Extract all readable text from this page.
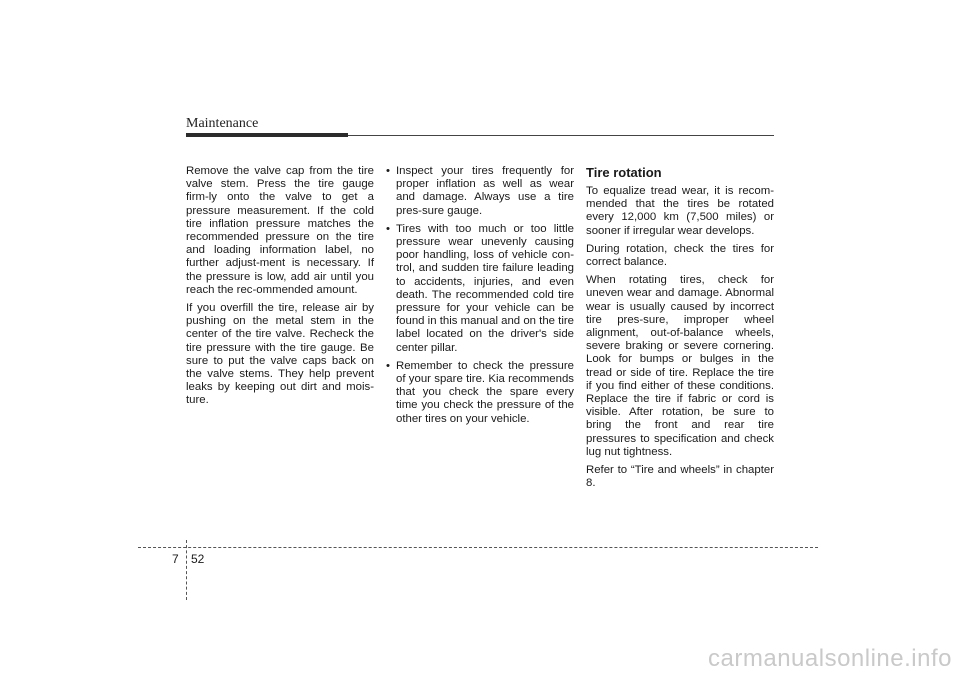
Maintenance

Remove the valve cap from the tire valve stem. Press the tire gauge firm-ly onto the valve to get a pressure measurement. If the cold tire inflation pressure matches the recommended pressure on the tire and loading information label, no further adjust-ment is necessary. If the pressure is low, add air until you reach the rec-ommended amount.

If you overfill the tire, release air by pushing on the metal stem in the center of the tire valve. Recheck the tire pressure with the tire gauge. Be sure to put the valve caps back on the valve stems. They help prevent leaks by keeping out dirt and mois-ture.

• Inspect your tires frequently for proper inflation as well as wear and damage. Always use a tire pres-sure gauge.
• Tires with too much or too little pressure wear unevenly causing poor handling, loss of vehicle con-trol, and sudden tire failure leading to accidents, injuries, and even death. The recommended cold tire pressure for your vehicle can be found in this manual and on the tire label located on the driver's side center pillar.
• Remember to check the pressure of your spare tire. Kia recommends that you check the spare every time you check the pressure of the other tires on your vehicle.
Tire rotation

To equalize tread wear, it is recom-mended that the tires be rotated every 12,000 km (7,500 miles) or sooner if irregular wear develops.

During rotation, check the tires for correct balance.

When rotating tires, check for uneven wear and damage. Abnormal wear is usually caused by incorrect tire pres-sure, improper wheel alignment, out-of-balance wheels, severe braking or severe cornering. Look for bumps or bulges in the tread or side of tire. Replace the tire if you find either of these conditions. Replace the tire if fabric or cord is visible. After rotation, be sure to bring the front and rear tire pressures to specification and check lug nut tightness.

Refer to “Tire and wheels” in chapter 8.

7 52
carmanualsonline.info
